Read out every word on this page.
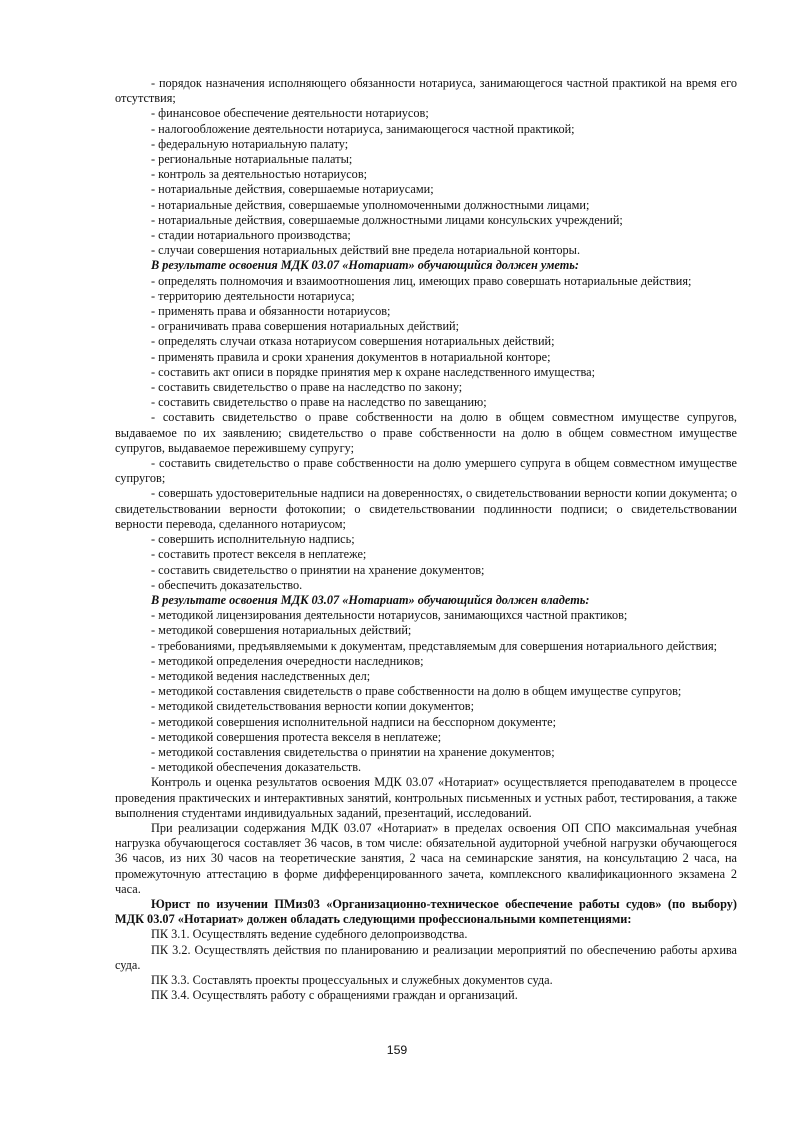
- порядок назначения исполняющего обязанности нотариуса, занимающегося частной практикой на время его отсутствия;

- финансовое обеспечение деятельности нотариусов;

- налогообложение деятельности нотариуса, занимающегося частной практикой;

- федеральную нотариальную палату;

- региональные нотариальные палаты;

- контроль за деятельностью нотариусов;

- нотариальные действия, совершаемые нотариусами;

- нотариальные действия, совершаемые уполномоченными должностными лицами;

- нотариальные действия, совершаемые должностными лицами консульских учреждений;

- стадии нотариального производства;

- случаи совершения нотариальных действий вне предела нотариальной конторы.

В результате освоения МДК 03.07 «Нотариат» обучающийся должен уметь:

- определять полномочия и взаимоотношения лиц, имеющих право совершать нотариальные действия;

- территорию деятельности нотариуса;

- применять права и обязанности нотариусов;

- ограничивать права совершения нотариальных действий;

- определять случаи отказа нотариусом совершения нотариальных действий;

- применять правила и сроки хранения документов в нотариальной конторе;

- составить акт описи в порядке принятия мер к охране наследственного имущества;

- составить свидетельство о праве на наследство по закону;

- составить свидетельство о праве на наследство по завещанию;

- составить свидетельство о праве собственности на долю в общем совместном имуществе супругов, выдаваемое по их заявлению; свидетельство о праве собственности на долю в общем совместном имуществе супругов, выдаваемое пережившему супругу;

- составить свидетельство о праве собственности на долю умершего супруга в общем совместном имуществе супругов;

- совершать удостоверительные надписи на доверенностях, о свидетельствовании верности копии документа; о свидетельствовании верности фотокопии; о свидетельствовании подлинности подписи; о свидетельствовании верности перевода, сделанного нотариусом;

- совершить исполнительную надпись;

- составить протест векселя в неплатеже;

- составить свидетельство о принятии на хранение документов;

- обеспечить доказательство.

В результате освоения МДК 03.07 «Нотариат» обучающийся должен владеть:

- методикой лицензирования деятельности нотариусов, занимающихся частной практиков;

- методикой совершения нотариальных действий;

- требованиями, предъявляемыми к документам, представляемым для совершения нотариального действия;

- методикой определения очередности наследников;

- методикой ведения наследственных дел;

- методикой составления свидетельств о праве собственности на долю в общем имуществе супругов;

- методикой свидетельствования верности копии документов;

- методикой совершения исполнительной надписи на бесспорном документе;

- методикой совершения протеста векселя в неплатеже;

- методикой составления свидетельства о принятии на хранение документов;

- методикой обеспечения доказательств.

Контроль и оценка результатов освоения МДК 03.07 «Нотариат» осуществляется преподавателем в процессе проведения практических и интерактивных занятий, контрольных письменных и устных работ, тестирования, а также выполнения студентами индивидуальных заданий, презентаций, исследований.

При реализации содержания МДК 03.07 «Нотариат» в пределах освоения ОП СПО максимальная учебная нагрузка обучающегося составляет 36 часов, в том числе: обязательной аудиторной учебной нагрузки обучающегося 36 часов, из них 30 часов на теоретические занятия, 2 часа на семинарские занятия, на консультацию 2 часа, на промежуточную аттестацию в форме дифференцированного зачета, комплексного квалификационного экзамена 2 часа.

Юрист по изучении ПМиз03 «Организационно-техническое обеспечение работы судов» (по выбору) МДК 03.07 «Нотариат» должен обладать следующими профессиональными компетенциями:

ПК 3.1. Осуществлять ведение судебного делопроизводства.

ПК 3.2. Осуществлять действия по планированию и реализации мероприятий по обеспечению работы архива суда.

ПК 3.3. Составлять проекты процессуальных и служебных документов суда.

ПК 3.4. Осуществлять работу с обращениями граждан и организаций.

159
